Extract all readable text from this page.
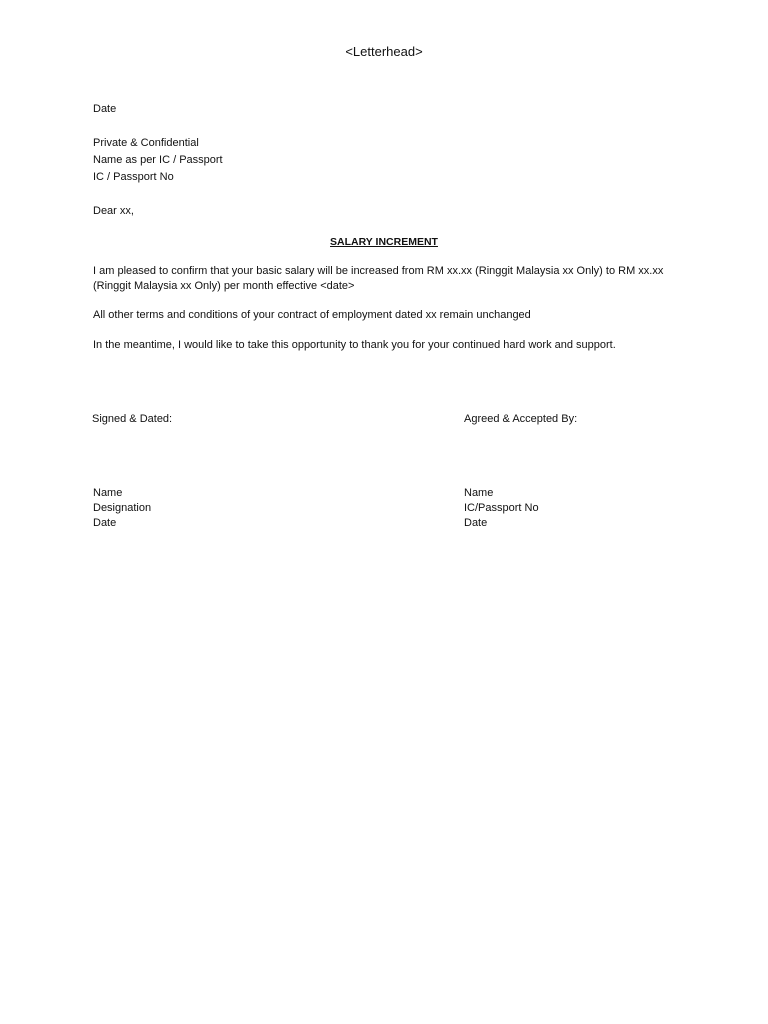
<Letterhead>
Date
Private & Confidential
Name as per IC / Passport
IC / Passport No
Dear xx,
SALARY INCREMENT
I am pleased to confirm that your basic salary will be increased from RM xx.xx (Ringgit Malaysia xx Only) to RM xx.xx (Ringgit Malaysia xx Only) per month effective <date>
All other terms and conditions of your contract of employment dated xx remain unchanged
In the meantime, I would like to take this opportunity to thank you for your continued hard work and support.
Signed & Dated:
Name
Designation
Date
Agreed & Accepted By:
Name
IC/Passport No
Date
